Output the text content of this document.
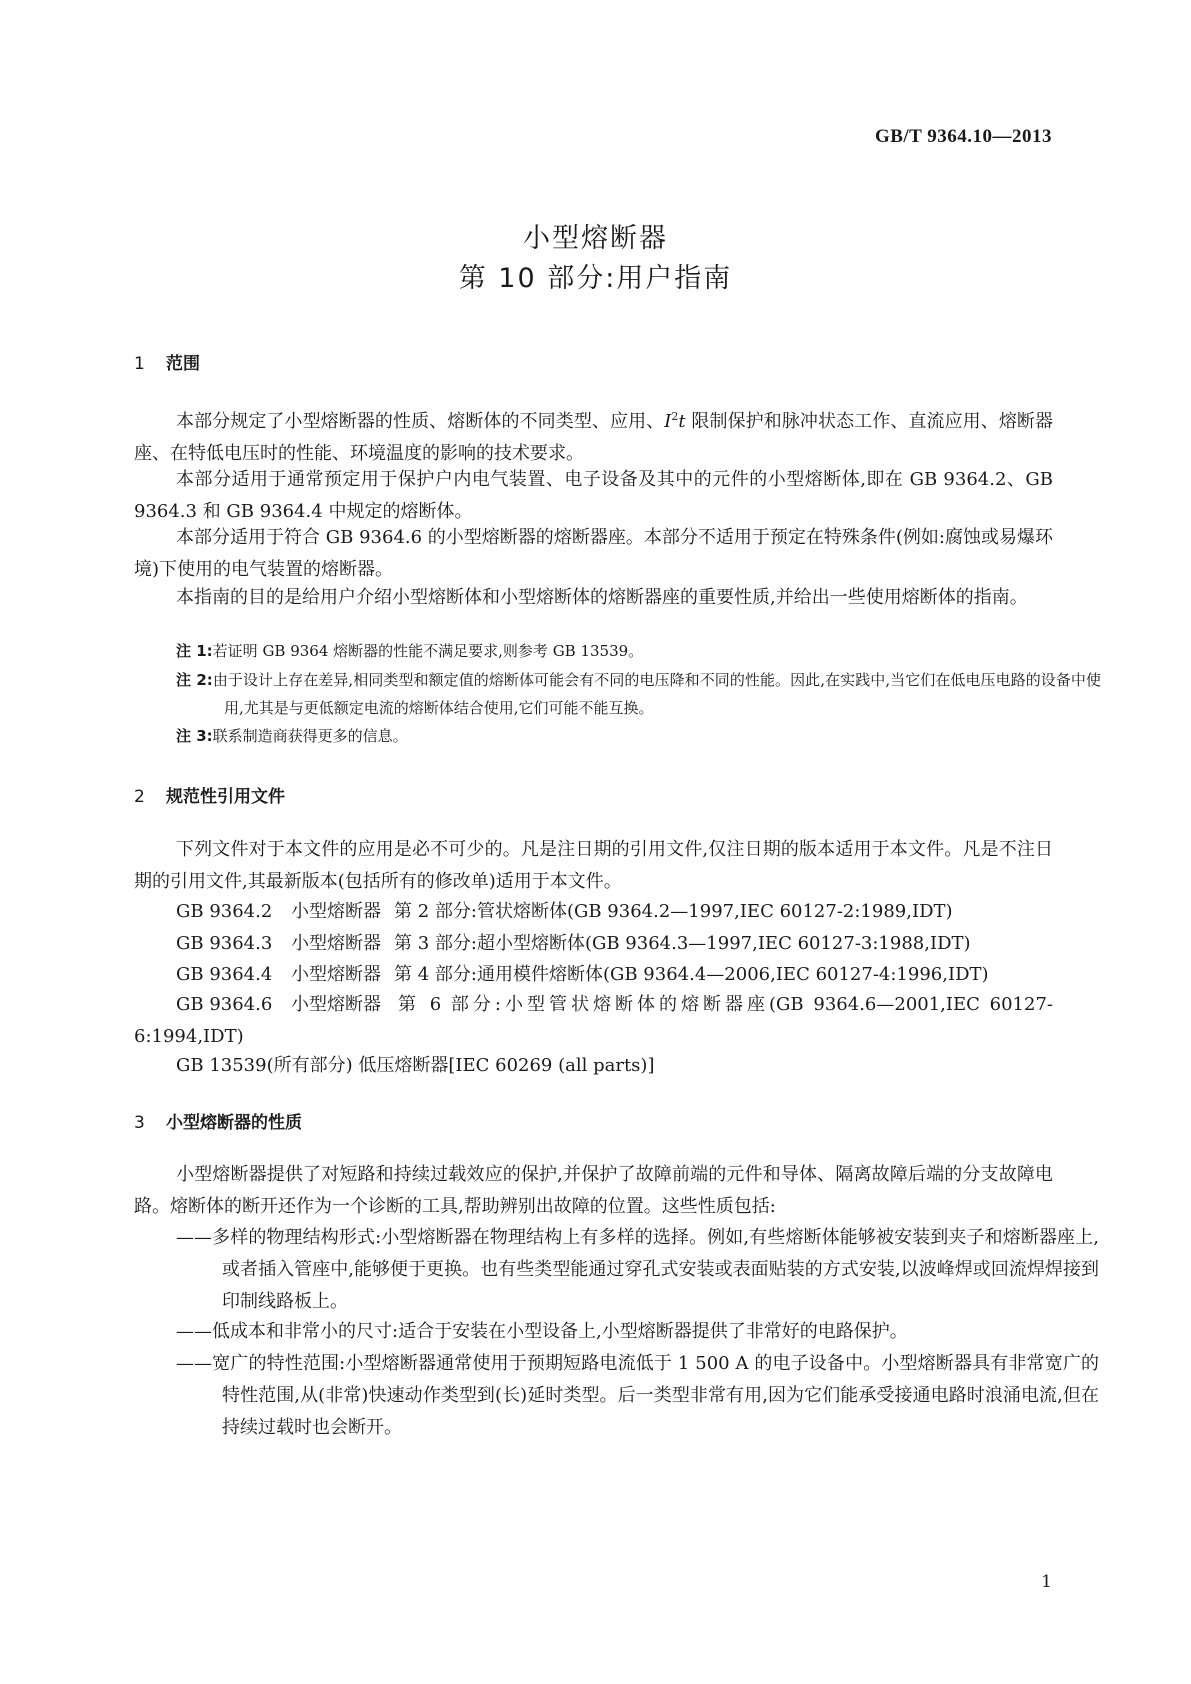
GB/T 9364.10—2013
小型熔断器
第 10 部分:用户指南
1 范围
本部分规定了小型熔断器的性质、熔断体的不同类型、应用、$I^2t$ 限制保护和脉冲状态工作、直流应用、熔断器座、在特低电压时的性能、环境温度的影响的技术要求。
本部分适用于通常预定用于保护户内电气装置、电子设备及其中的元件的小型熔断体,即在 GB 9364.2、GB 9364.3 和 GB 9364.4 中规定的熔断体。
本部分适用于符合 GB 9364.6 的小型熔断器的熔断器座。本部分不适用于预定在特殊条件(例如:腐蚀或易爆环境)下使用的电气装置的熔断器。
本指南的目的是给用户介绍小型熔断体和小型熔断体的熔断器座的重要性质,并给出一些使用熔断体的指南。
注 1:若证明 GB 9364 熔断器的性能不满足要求,则参考 GB 13539。
注 2:由于设计上存在差异,相同类型和额定值的熔断体可能会有不同的电压降和不同的性能。因此,在实践中,当它们在低电压电路的设备中使用,尤其是与更低额定电流的熔断体结合使用,它们可能不能互换。
注 3:联系制造商获得更多的信息。
2 规范性引用文件
下列文件对于本文件的应用是必不可少的。凡是注日期的引用文件,仅注日期的版本适用于本文件。凡是不注日期的引用文件,其最新版本(包括所有的修改单)适用于本文件。
GB 9364.2 小型熔断器 第 2 部分:管状熔断体(GB 9364.2—1997,IEC 60127-2:1989,IDT)
GB 9364.3 小型熔断器 第 3 部分:超小型熔断体(GB 9364.3—1997,IEC 60127-3:1988,IDT)
GB 9364.4 小型熔断器 第 4 部分:通用模件熔断体(GB 9364.4—2006,IEC 60127-4:1996,IDT)
GB 9364.6 小型熔断器 第 6 部分:小型管状熔断体的熔断器座(GB 9364.6—2001,IEC 60127-6:1994,IDT)
GB 13539(所有部分) 低压熔断器[IEC 60269 (all parts)]
3 小型熔断器的性质
小型熔断器提供了对短路和持续过载效应的保护,并保护了故障前端的元件和导体、隔离故障后端的分支故障电路。熔断体的断开还作为一个诊断的工具,帮助辨别出故障的位置。这些性质包括:
——多样的物理结构形式:小型熔断器在物理结构上有多样的选择。例如,有些熔断体能够被安装到夹子和熔断器座上,或者插入管座中,能够便于更换。也有些类型能通过穿孔式安装或表面贴装的方式安装,以波峰焊或回流焊焊接到印制线路板上。
——低成本和非常小的尺寸:适合于安装在小型设备上,小型熔断器提供了非常好的电路保护。
——宽广的特性范围:小型熔断器通常使用于预期短路电流低于 1 500 A 的电子设备中。小型熔断器具有非常宽广的特性范围,从(非常)快速动作类型到(长)延时类型。后一类型非常有用,因为它们能承受接通电路时浪涌电流,但在持续过载时也会断开。
1
